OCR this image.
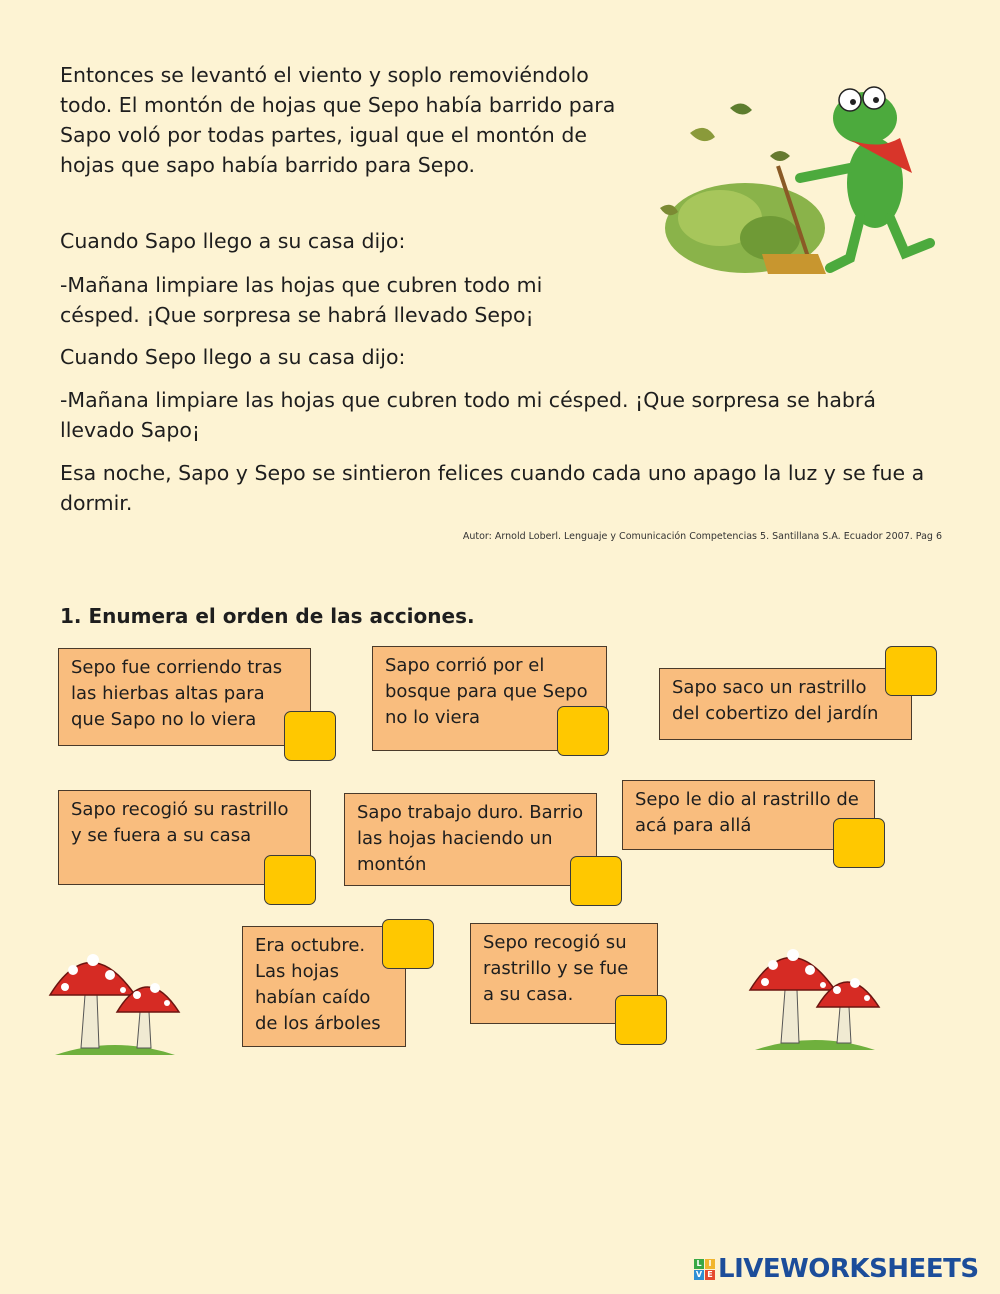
Entonces se levantó el viento y soplo removiéndolo todo. El montón de hojas que Sepo había barrido para Sapo voló por todas partes, igual que el montón de hojas que sapo había barrido para Sepo.

Cuando Sapo llego a su casa dijo:

-Mañana limpiare las hojas que cubren todo mi césped. ¡Que sorpresa se habrá llevado Sepo¡

Cuando Sepo llego a su casa dijo:

-Mañana limpiare las hojas que cubren todo mi césped. ¡Que sorpresa se habrá llevado Sapo¡

Esa noche, Sapo y Sepo se sintieron felices cuando cada uno apago la luz y se fue a dormir.

Autor: Arnold Loberl. Lenguaje y Comunicación Competencias 5. Santillana S.A. Ecuador 2007. Pag 6
1. Enumera el orden de las acciones.
Sepo fue corriendo tras las hierbas altas para que Sapo no lo viera
Sapo corrió por el bosque para que Sepo no lo viera
Sapo saco un rastrillo del cobertizo del jardín
Sapo recogió su rastrillo y se fuera a su casa
Sapo trabajo duro. Barrio las hojas haciendo un montón
Sepo le dio al rastrillo de acá para allá
Era octubre. Las hojas habían caído de los árboles
Sepo recogió su rastrillo y se fue a su casa.
L I
V E LIVEWORKSHEETS
